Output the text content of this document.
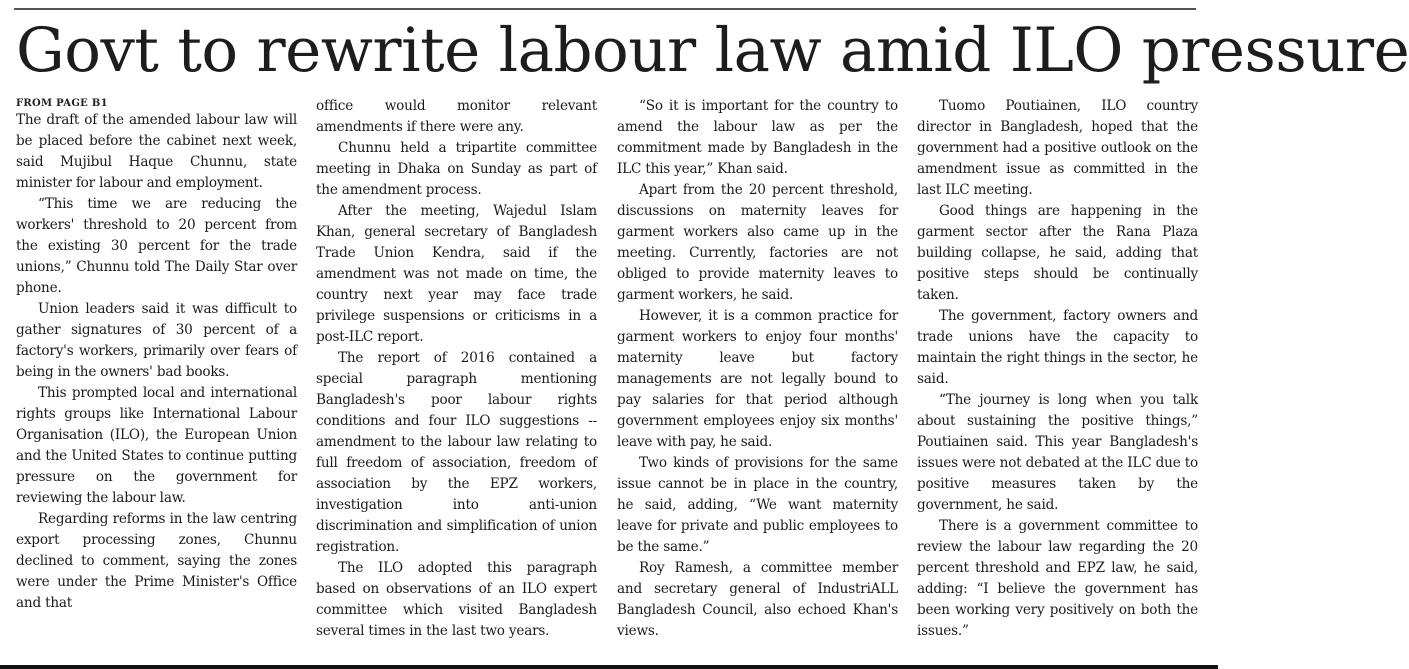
Govt to rewrite labour law amid ILO pressure
FROM PAGE B1

The draft of the amended labour law will be placed before the cabinet next week, said Mujibul Haque Chunnu, state minister for labour and employment.

“This time we are reducing the workers' threshold to 20 percent from the existing 30 percent for the trade unions,” Chunnu told The Daily Star over phone.

Union leaders said it was difficult to gather signatures of 30 percent of a factory's workers, primarily over fears of being in the owners' bad books.

This prompted local and international rights groups like International Labour Organisation (ILO), the European Union and the United States to continue putting pressure on the government for reviewing the labour law.

Regarding reforms in the law centring export processing zones, Chunnu declined to comment, saying the zones were under the Prime Minister's Office and that

office would monitor relevant amendments if there were any.

Chunnu held a tripartite committee meeting in Dhaka on Sunday as part of the amendment process.

After the meeting, Wajedul Islam Khan, general secretary of Bangladesh Trade Union Kendra, said if the amendment was not made on time, the country next year may face trade privilege suspensions or criticisms in a post-ILC report.

The report of 2016 contained a special paragraph mentioning Bangladesh's poor labour rights conditions and four ILO suggestions -- amendment to the labour law relating to full freedom of association, freedom of association by the EPZ workers, investigation into anti-union discrimination and simplification of union registration.

The ILO adopted this paragraph based on observations of an ILO expert committee which visited Bangladesh several times in the last two years.

“So it is important for the country to amend the labour law as per the commitment made by Bangladesh in the ILC this year,” Khan said.

Apart from the 20 percent threshold, discussions on maternity leaves for garment workers also came up in the meeting. Currently, factories are not obliged to provide maternity leaves to garment workers, he said.

However, it is a common practice for garment workers to enjoy four months' maternity leave but factory managements are not legally bound to pay salaries for that period although government employees enjoy six months' leave with pay, he said.

Two kinds of provisions for the same issue cannot be in place in the country, he said, adding, “We want maternity leave for private and public employees to be the same.”

Roy Ramesh, a committee member and secretary general of IndustriALL Bangladesh Council, also echoed Khan's views.

Tuomo Poutiainen, ILO country director in Bangladesh, hoped that the government had a positive outlook on the amendment issue as committed in the last ILC meeting.

Good things are happening in the garment sector after the Rana Plaza building collapse, he said, adding that positive steps should be continually taken.

The government, factory owners and trade unions have the capacity to maintain the right things in the sector, he said.

“The journey is long when you talk about sustaining the positive things,” Poutiainen said. This year Bangladesh's issues were not debated at the ILC due to positive measures taken by the government, he said.

There is a government committee to review the labour law regarding the 20 percent threshold and EPZ law, he said, adding: “I believe the government has been working very positively on both the issues.”
